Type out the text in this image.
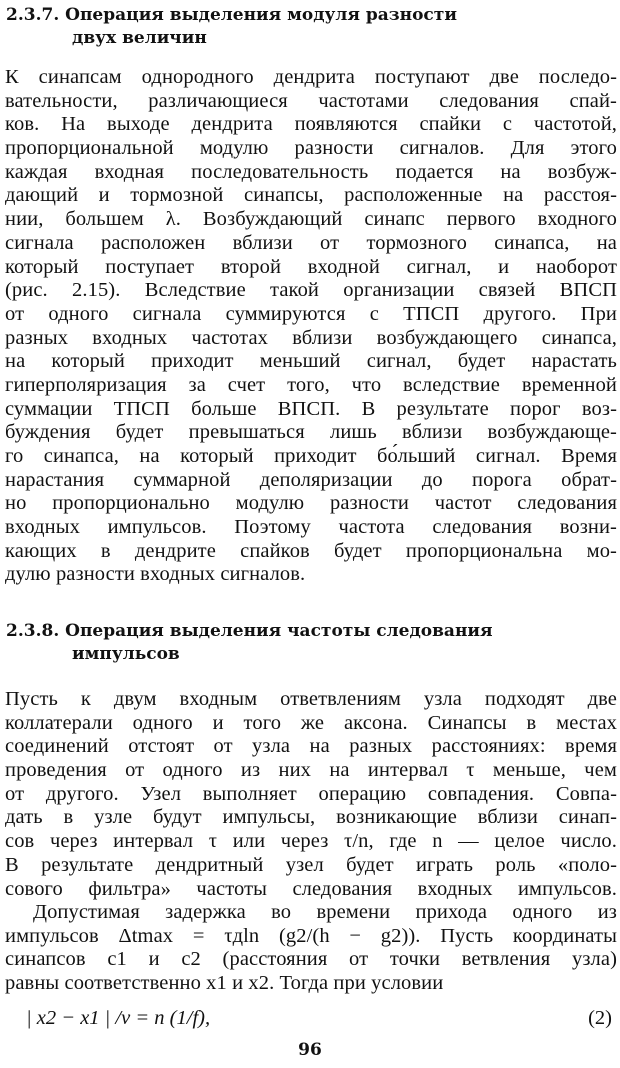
2.3.7. Операция выделения модуля разности
двух величин
К синапсам однородного дендрита поступают две последо-
вательности, различающиеся частотами следования спай-
ков. На выходе дендрита появляются спайки с частотой,
пропорциональной модулю разности сигналов. Для этого
каждая входная последовательность подается на возбуж-
дающий и тормозной синапсы, расположенные на расстоя-
нии, большем λ. Возбуждающий синапс первого входного
сигнала расположен вблизи от тормозного синапса, на
который поступает второй входной сигнал, и наоборот
(рис. 2.15). Вследствие такой организации связей ВПСП
от одного сигнала суммируются с ТПСП другого. При
разных входных частотах вблизи возбуждающего синапса,
на который приходит меньший сигнал, будет нарастать
гиперполяризация за счет того, что вследствие временной
суммации ТПСП больше ВПСП. В результате порог воз-
буждения будет превышаться лишь вблизи возбуждающе-
го синапса, на который приходит бо́льший сигнал. Время
нарастания суммарной деполяризации до порога обрат-
но пропорционально модулю разности частот следования
входных импульсов. Поэтому частота следования возни-
кающих в дендрите спайков будет пропорциональна мо-
дулю разности входных сигналов.
2.3.8. Операция выделения частоты следования
импульсов
Пусть к двум входным ответвлениям узла подходят две
коллатерали одного и того же аксона. Синапсы в местах
соединений отстоят от узла на разных расстояниях: время
проведения от одного из них на интервал τ меньше, чем
от другого. Узел выполняет операцию совпадения. Совпа-
дать в узле будут импульсы, возникающие вблизи синап-
сов через интервал τ или через τ/n, где n — целое число.
В результате дендритный узел будет играть роль «поло-
сового фильтра» частоты следования входных импульсов.
Допустимая задержка во времени прихода одного из
импульсов Δtmax = τдln (g2/(h − g2)). Пусть координаты
синапсов c1 и c2 (расстояния от точки ветвления узла)
равны соответственно x1 и x2. Тогда при условии
| x2 − x1 | /v = n (1/f),	(2)
96
